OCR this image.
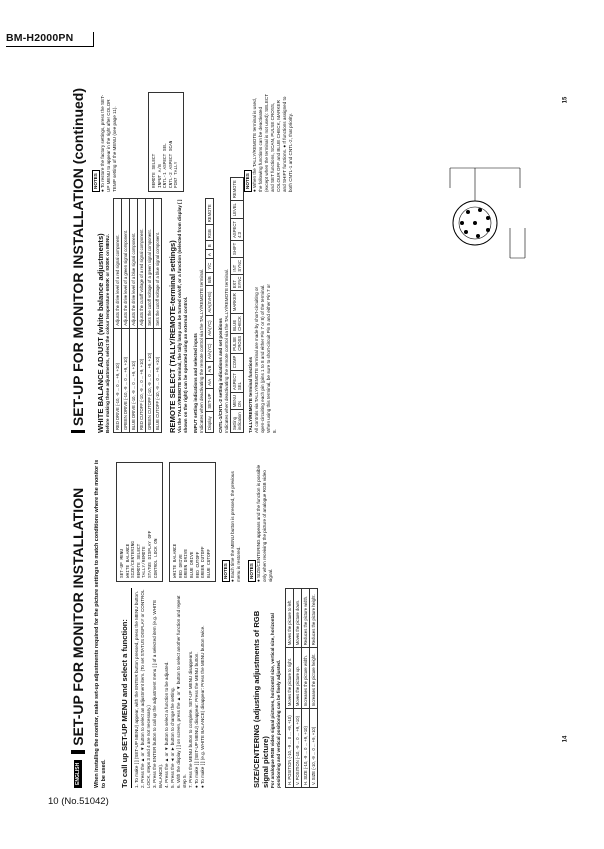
BM-H2000PN
15
14
ENGLISH
SET-UP FOR MONITOR INSTALLATION When installing the monitor, make set-up adjustments required for the picture settings to match conditions where the monitor is to be used. To call up SET-UP MENU and select a function: 1. To make [ ] (SET-UP MENU) appear, with the ENTER button pressed, press the MENU button. 2. Press the ▲ or ▼ button to select an adjustment item. (To set STATUS DISPLAY or CONTROL LOCK, steps 3 and 4 are not necessary.) 3. Press the ENTER button to call up the adjustment menu [ ] of a selected item (e.g. WHITE BALANCE). 4. Press the ▲ or ▼ button to select a function to be adjusted. 5. Press the ◄ or ► button to change the setting. 6. With the display [ ] on screen, press the ▲ or ▼ button to select another function and repeat step 5. 7. Press the MENU button to complete. SET-UP MENU disappears. ● To make [ ] (SET-UP MENU) disappear: Press the MENU button. ● To make [ ] (e.g. WHITE BALANCE) disappear: Press the MENU button twice.
SET-UP MENU WHITE BALANCE SIZE/CENTERING REMOTE SELECT TALLY/REMOTE STATUS DISPLAY OFF CONTROL LOCK ON	WHITE BALANCE RED DRIVE GREEN DRIVE BLUE DRIVE RED CUTOFF GREEN CUTOFF BLUE CUTOFF	NOTES ● Each time the MENU button is pressed, the previous menu is restored.
SIZE/CENTERING (adjusting adjustments of RGB signal picture) For analogue RGB video signal pictures, horizontal size, vertical size, horizontal positioning and vertical positioning can be finely adjusted. H. POSITION (-10, -9 ... 0 ... +9, +10)	Moves the picture to right.	Moves the picture to left.
V. POSITION (-10, -9 ... 0 ... +9, +10)	Moves the picture up.	Moves the picture down.
H. SIZE (-10, -9 ... 0 ... +9, +10)	Increases the picture width.	Reduces the picture width.
V. SIZE (-10, -9 ... 0 ... +9, +10)	Increases the picture height.	Reduces the picture height.
NOTES ● SIZE/CENTERING appears and the function is possible only when receiving the picture of analogue RGB video signal.
SET-UP FOR MONITOR INSTALLATION (continued) WHITE BALANCE ADJUST (white balance adjustments) Before making these adjustments, select the colour temperature 6500K or 9300K on MENU. RED DRIVE (-10, -9 ... 0 ... +9, +10)	Adjusts the drive level of a red signal component.
GREEN DRIVE (-10, -9 ... 0 ... +9, +10)	Adjusts the drive level of a green signal component.
BLUE DRIVE (-10, -9 ... 0 ... +9, +10)	Adjusts the drive level of a blue signal component.
RED CUTOFF (-10, -9 ... 0 ... +9, +10)	Adjusts the cutoff voltage of a red signal component.
GREEN CUTOFF (-10, -9 ... 0 ... +9, +10)	Sets the cutoff voltage of a green signal component.
BLUE CUTOFF (-10, -9 ... 0 ... +9, +10)	Sets the cutoff voltage of a blue signal component. REMOTE SELECT (TALLY/REMOTE-terminal settings) Via the TALLY/REMOTE terminal, the tally lamp can be turned on/off, or a function (selected from display [ ] shown on the right) can be operated using an external control. INPUT setting indications and selected inputs Indicates when deactivating the remote control via the TALLY/REMOTE terminal. Display	SET-UP	A/A	A/B	A/A(YC)	A/A(YC)	A/A(SVHS)	B/B	Y/C	A	B	RGB	REMOTE
CNTL-1/CNTL-2 setting indications and set positions Indicates when deactivating the remote control via the TALLY/REMOTE terminal. Setting indication	MENU ON	ASPECT SEL	COMP	PULSE CROSS	BLUE CHECK	MARKER	EXT SYNC	INT SYNC	SHIFT	ASPECT 4:3	LEVEL	REMOTE
TALLY/REMOTE terminal functions All controls via TALLY/REMOTE terminal are made by short-circuiting or open-circuiting each pin (pins 1 to 8 and either Pin 7 or 8) of the terminal. When using this terminal, be sure to short-circuit Pin 5 and either Pin 7 or 8.
NOTES ● To restore the factory settings, press the SET-UP MENU to appear in the right after COLOR TEMP setting of the MENU (see page 11).	REMOTE SELECT INPUT A/B CNTL-1 ASPECT SEL CNTL-2 ASPECT SCAN PIN7 TALLY	NOTES ● When the TALLY/REMOTE terminal is used, the following functions can be deactivated (except when the terminal is not used): SELECT and SET functions, SCAN, PULSE CROSS, COLOUR OFF and BLUE CHECK, MARKER and SHIFT functions. ● If functions assigned to both CNTL-1 and CNTL-2, that priority.
10 (No.51042)
